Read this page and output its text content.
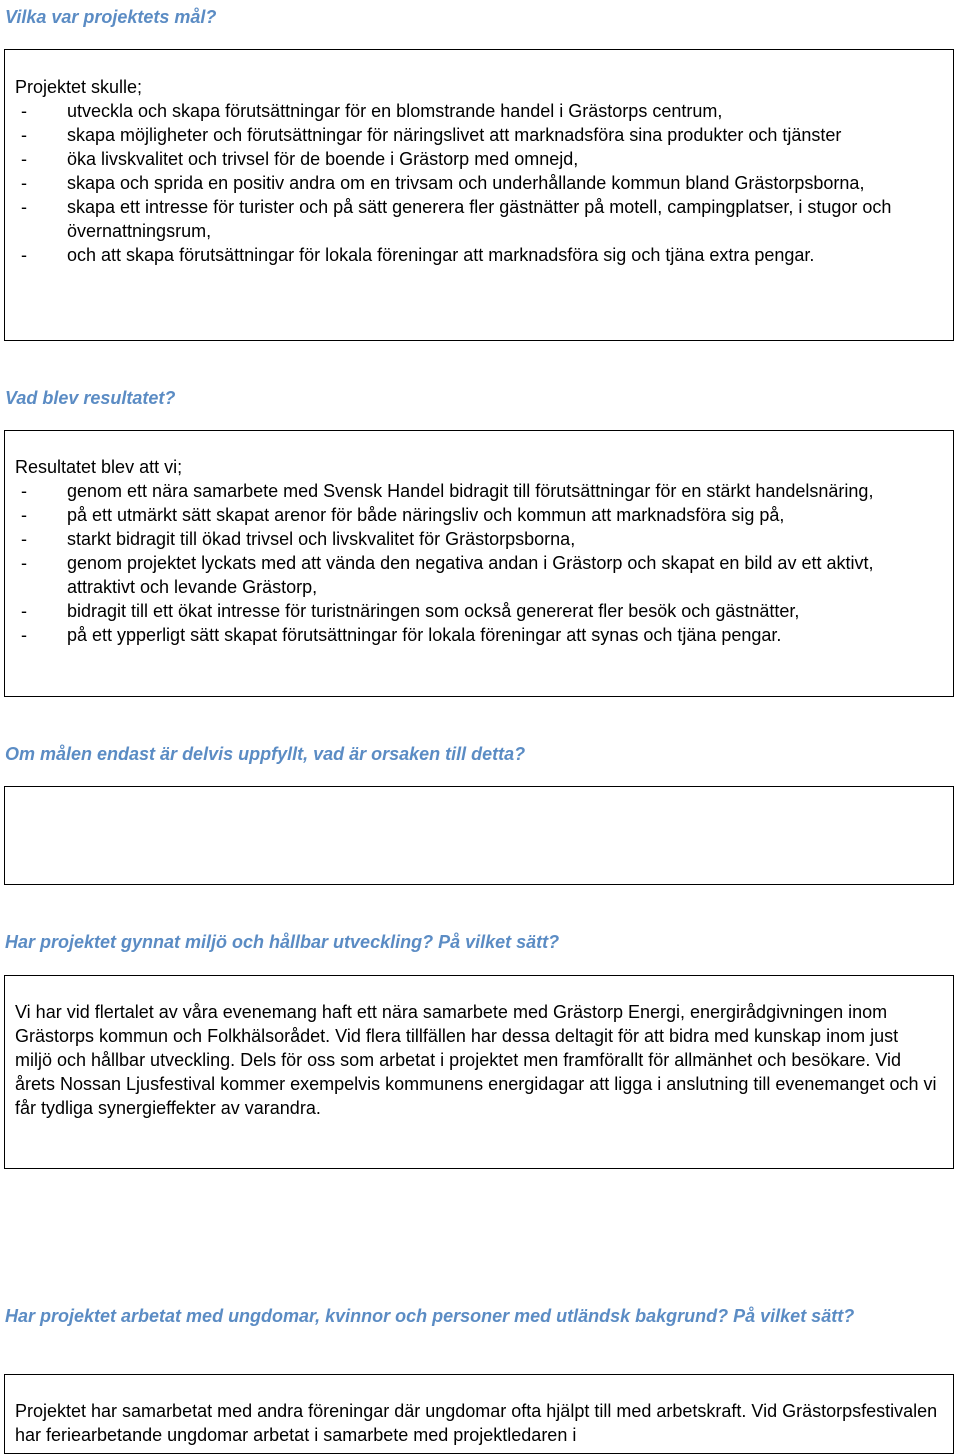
Vilka var projektets mål?

Projektet skulle;

- utveckla och skapa förutsättningar för en blomstrande handel i Grästorps centrum,
- skapa möjligheter och förutsättningar för näringslivet att marknadsföra sina produkter och tjänster
- öka livskvalitet och trivsel för de boende i Grästorp med omnejd,
- skapa och sprida en positiv andra om en trivsam och underhållande kommun bland Grästorpsborna,
- skapa ett intresse för turister och på sätt generera fler gästnätter på motell, campingplatser, i stugor och övernattningsrum,
- och att skapa förutsättningar för lokala föreningar att marknadsföra sig och tjäna extra pengar.
Vad blev resultatet?

Resultatet blev att vi;

- genom ett nära samarbete med Svensk Handel bidragit till förutsättningar för en stärkt handelsnäring,
- på ett utmärkt sätt skapat arenor för både näringsliv och kommun att marknadsföra sig på,
- starkt bidragit till ökad trivsel och livskvalitet för Grästorpsborna,
- genom projektet lyckats med att vända den negativa andan i Grästorp och skapat en bild av ett aktivt, attraktivt och levande Grästorp,
- bidragit till ett ökat intresse för turistnäringen som också genererat fler besök och gästnätter,
- på ett ypperligt sätt skapat förutsättningar för lokala föreningar att synas och tjäna pengar.
Om målen endast är delvis uppfyllt, vad är orsaken till detta?

Har projektet gynnat miljö och hållbar utveckling? På vilket sätt?

Vi har vid flertalet av våra evenemang haft ett nära samarbete med Grästorp Energi, energirådgivningen inom Grästorps kommun och Folkhälsorådet. Vid flera tillfällen har dessa deltagit för att bidra med kunskap inom just miljö och hållbar utveckling. Dels för oss som arbetat i projektet men framförallt för allmänhet och besökare. Vid årets Nossan Ljusfestival kommer exempelvis kommunens energidagar att ligga i anslutning till evenemanget och vi får tydliga synergieffekter av varandra.

Har projektet arbetat med ungdomar, kvinnor och personer med utländsk bakgrund? På vilket sätt?

Projektet har samarbetat med andra föreningar där ungdomar ofta hjälpt till med arbetskraft. Vid Grästorpsfestivalen har feriearbetande ungdomar arbetat i samarbete med projektledaren i
